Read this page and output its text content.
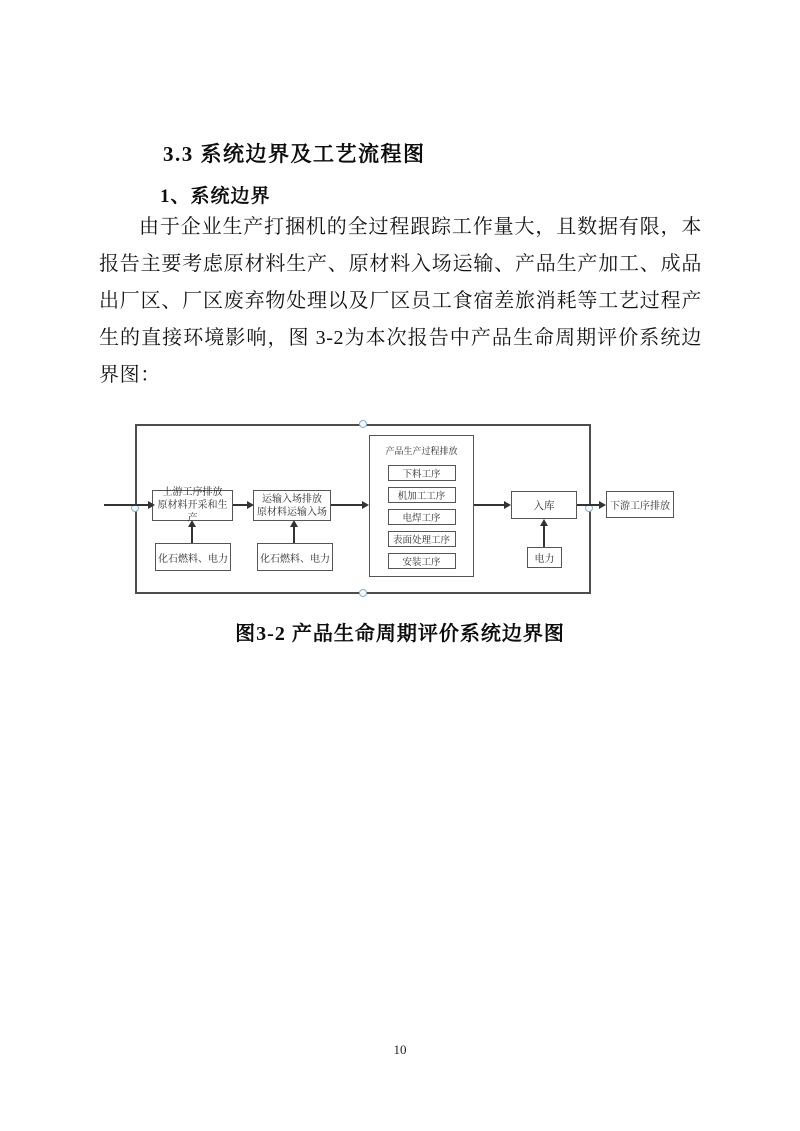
3.3 系统边界及工艺流程图
1、系统边界
由于企业生产打捆机的全过程跟踪工作量大，且数据有限，本报告主要考虑原材料生产、原材料入场运输、产品生产加工、成品出厂区、厂区废弃物处理以及厂区员工食宿差旅消耗等工艺过程产生的直接环境影响，图 3-2为本次报告中产品生命周期评价系统边界图：
上游工序排放
原材料开采和生产
运输入场排放
原材料运输入场
化石燃料、电力	化石燃料、电力
产品生产过程排放
下料工序
机加工工序
电焊工序
表面处理工序
安装工序
入库
电力
下游工序排放
图3-2 产品生命周期评价系统边界图
10
